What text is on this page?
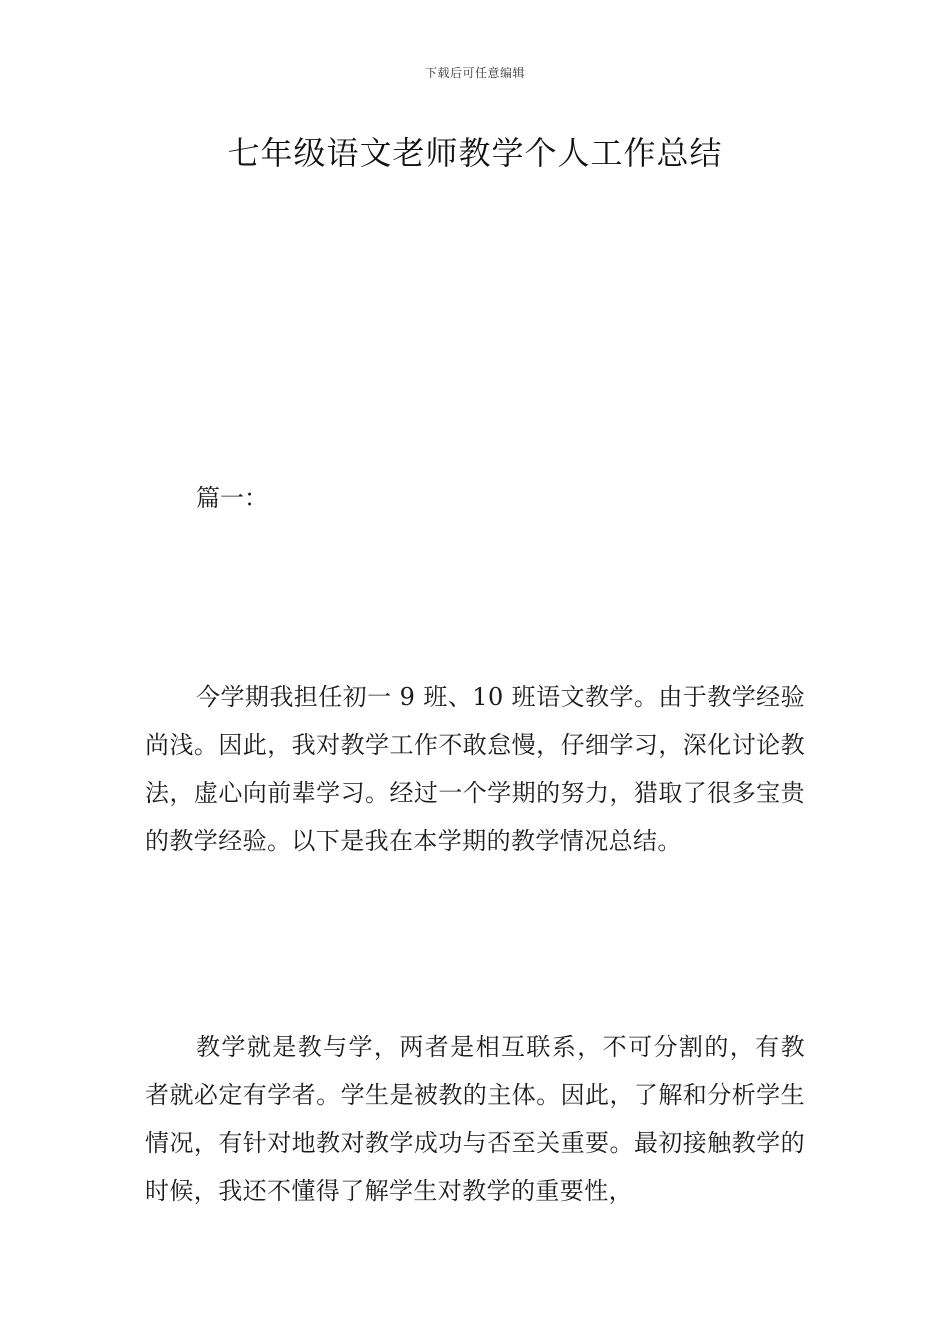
下载后可任意编辑
七年级语文老师教学个人工作总结

篇一：

今学期我担任初一 9 班、10 班语文教学。由于教学经验尚浅。因此，我对教学工作不敢怠慢，仔细学习，深化讨论教法，虚心向前辈学习。经过一个学期的努力，猎取了很多宝贵的教学经验。以下是我在本学期的教学情况总结。

教学就是教与学，两者是相互联系，不可分割的，有教者就必定有学者。学生是被教的主体。因此，了解和分析学生情况，有针对地教对教学成功与否至关重要。最初接触教学的时候，我还不懂得了解学生对教学的重要性，
